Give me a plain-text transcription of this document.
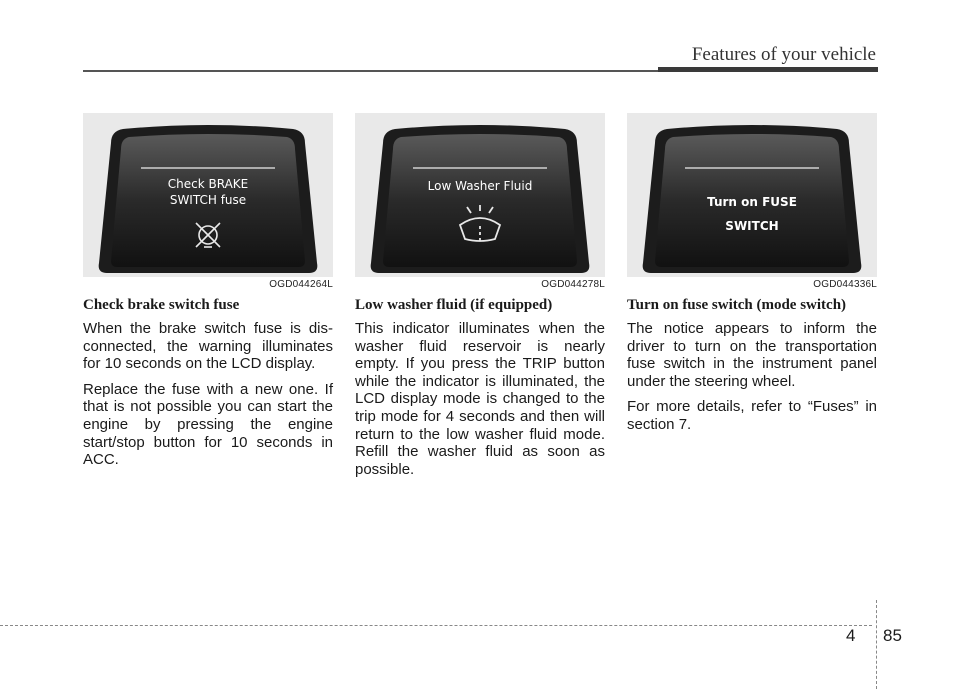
Features of your vehicle
Check BRAKE
SWITCH fuse
OGD044264L
Check brake switch fuse

When the brake switch fuse is dis-connected, the warning illuminates for 10 seconds on the LCD display.

Replace the fuse with a new one. If that is not possible you can start the engine by pressing the engine start/stop button for 10 seconds in ACC.

Low Washer Fluid
OGD044278L
Low washer fluid (if equipped)

This indicator illuminates when the washer fluid reservoir is nearly empty. If you press the TRIP button while the indicator is illuminated, the LCD display mode is changed to the trip mode for 4 seconds and then will return to the low washer fluid mode. Refill the washer fluid as soon as possible.

Turn on FUSE
SWITCH
OGD044336L
Turn on fuse switch (mode switch)

The notice appears to inform the driver to turn on the transportation fuse switch in the instrument panel under the steering wheel.

For more details, refer to “Fuses” in section 7.

4 85
